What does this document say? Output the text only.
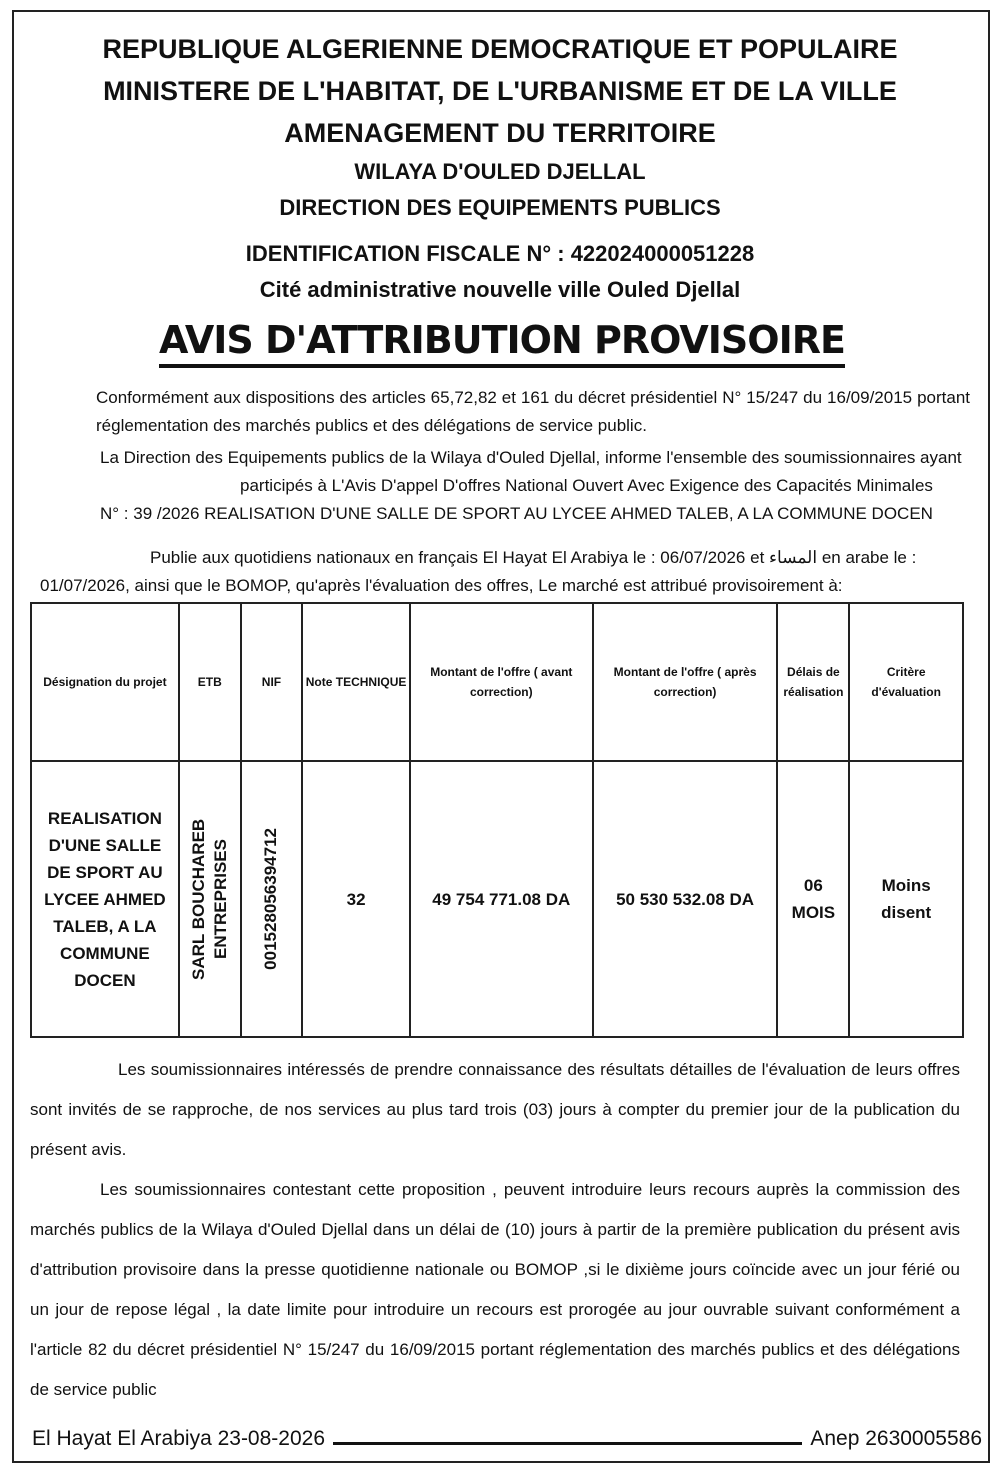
REPUBLIQUE ALGERIENNE DEMOCRATIQUE ET POPULAIRE
MINISTERE DE L'HABITAT, DE L'URBANISME ET DE LA VILLE
AMENAGEMENT DU TERRITOIRE
WILAYA D'OULED DJELLAL
DIRECTION DES EQUIPEMENTS PUBLICS
IDENTIFICATION FISCALE N° : 422024000051228
Cité administrative nouvelle ville Ouled Djellal
AVIS D'ATTRIBUTION PROVISOIRE
Conformément aux dispositions des articles 65,72,82 et 161 du décret présidentiel N° 15/247 du 16/09/2015 portant réglementation des marchés publics et des délégations de service public.
La Direction des Equipements publics de la Wilaya d'Ouled Djellal, informe l'ensemble des soumissionnaires ayant
participés à L'Avis D'appel D'offres National Ouvert Avec Exigence des Capacités Minimales
N° : 39 /2026 REALISATION D'UNE SALLE DE SPORT AU LYCEE AHMED TALEB, A LA COMMUNE DOCEN
Publie aux quotidiens nationaux en français El Hayat El Arabiya le : 06/07/2026 et المساء en arabe le :
01/07/2026, ainsi que le BOMOP, qu'après l'évaluation des offres, Le marché est attribué provisoirement à:
Désignation du projet	ETB	NIF	Note TECHNIQUE	Montant de l'offre ( avant correction)	Montant de l'offre ( après correction)	Délais de réalisation	Critère d'évaluation
REALISATION D'UNE SALLE DE SPORT AU LYCEE AHMED TALEB, A LA COMMUNE DOCEN	SARL BOUCHAREB ENTREPRISES	001528056394712	32	49 754 771.08 DA	50 530 532.08 DA	06 MOIS	Moins disent

Les soumissionnaires intéressés de prendre connaissance des résultats détailles de l'évaluation de leurs offres sont invités de se rapproche, de nos services au plus tard trois (03) jours à compter du premier jour de la publication du présent avis.

Les soumissionnaires contestant cette proposition , peuvent introduire leurs recours auprès la commission des marchés publics de la Wilaya d'Ouled Djellal dans un délai de (10) jours à partir de la première publication du présent avis d'attribution provisoire dans la presse quotidienne nationale ou BOMOP ,si le dixième jours coïncide avec un jour férié ou un jour de repose légal , la date limite pour introduire un recours est prorogée au jour ouvrable suivant conformément a l'article 82 du décret présidentiel N° 15/247 du 16/09/2015 portant réglementation des marchés publics et des délégations de service public

El Hayat El Arabiya 23-08-2026	Anep 2630005586
